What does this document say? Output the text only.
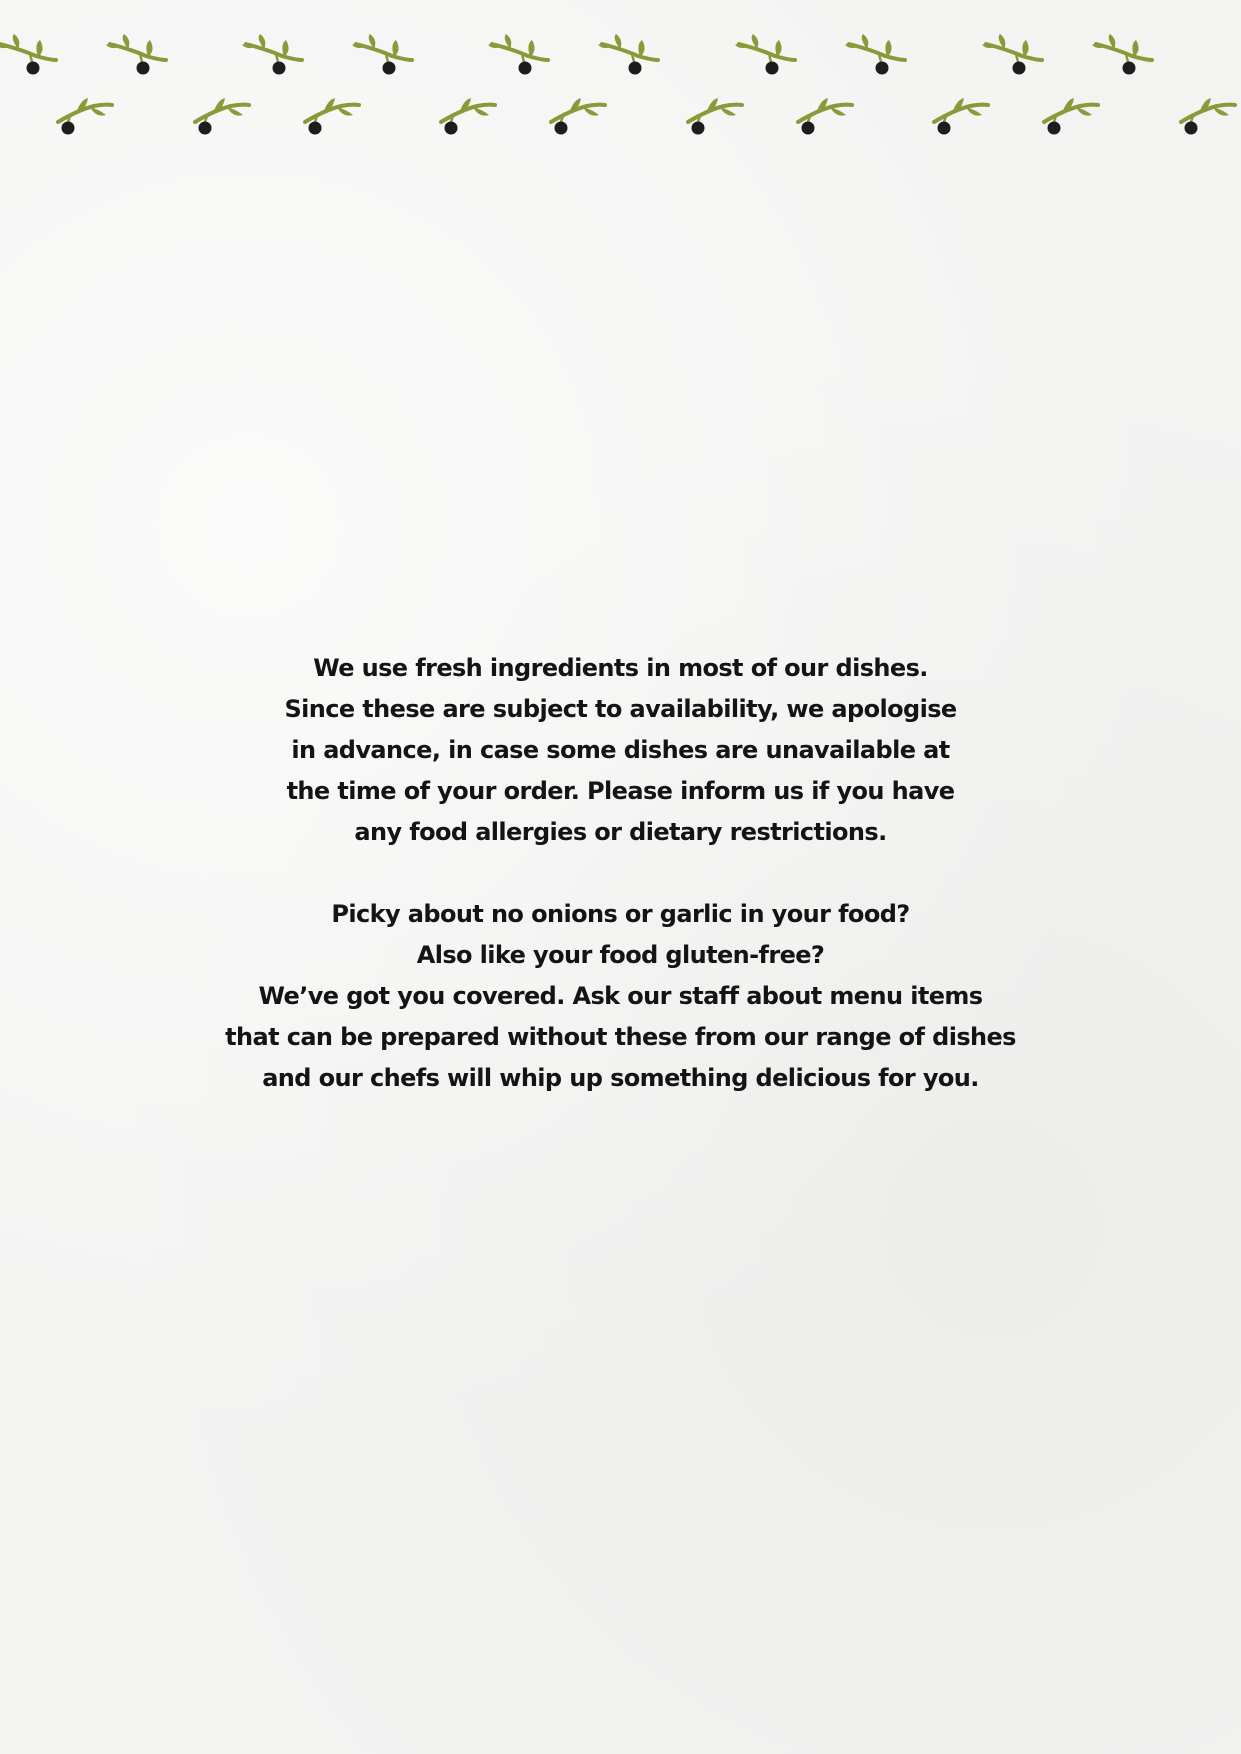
We use fresh ingredients in most of our dishes.
Since these are subject to availability, we apologise
in advance, in case some dishes are unavailable at
the time of your order. Please inform us if you have
any food allergies or dietary restrictions.

Picky about no onions or garlic in your food?
Also like your food gluten-free?
We’ve got you covered. Ask our staff about menu items
that can be prepared without these from our range of dishes
and our chefs will whip up something delicious for you.
